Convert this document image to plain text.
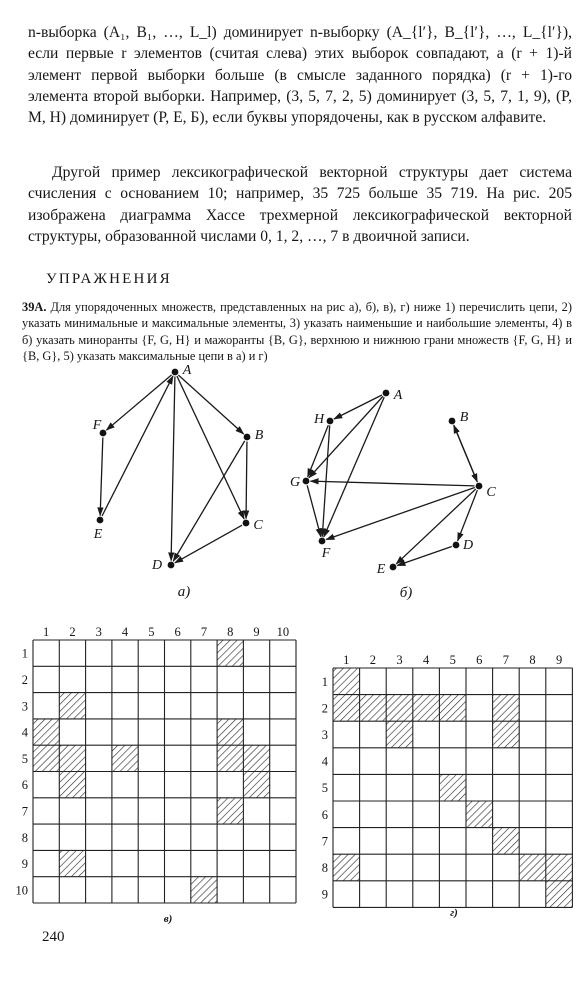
n-выборка (A₁, B₁, …, L_l) доминирует n-выборку (A_{l′}, B_{l′}, …, L_{l′}), если первые r элементов (считая слева) этих выборок совпадают, а (r + 1)-й элемент первой выборки больше (в смысле заданного порядка) (r + 1)-го элемента второй выборки. Например, (3, 5, 7, 2, 5) доминирует (3, 5, 7, 1, 9), (P, M, H) доминирует (P, E, Б), если буквы упорядочены, как в русском алфавите.
Другой пример лексикографической векторной структуры дает система счисления с основанием 10; например, 35 725 больше 35 719. На рис. 205 изображена диаграмма Хассе трехмерной лексикографической векторной структуры, образованной числами 0, 1, 2, …, 7 в двоичной записи.
УПРАЖНЕНИЯ
39А. Для упорядоченных множеств, представленных на рис а), б), в), г) ниже 1) перечислить цепи, 2) указать минимальные и максимальные элементы, 3) указать наименьшие и наибольшие элементы, 4) в б) указать миноранты {F, G, H} и мажоранты {B, G}, верхнюю и нижнюю грани множеств {F, G, H} и {B, G}, 5) указать максимальные цепи в а) и г)
A
F
B
E
C
D
а)
H
A
B
G
C
F
D
E
б)
1 2 3 4 5 6 7 8 9 10
1
2
3
4
5
6
7
8
9
10
в)
1 2 3 4 5 6 7 8 9
1
2
3
4
5
6
7
8
9
г)
240
